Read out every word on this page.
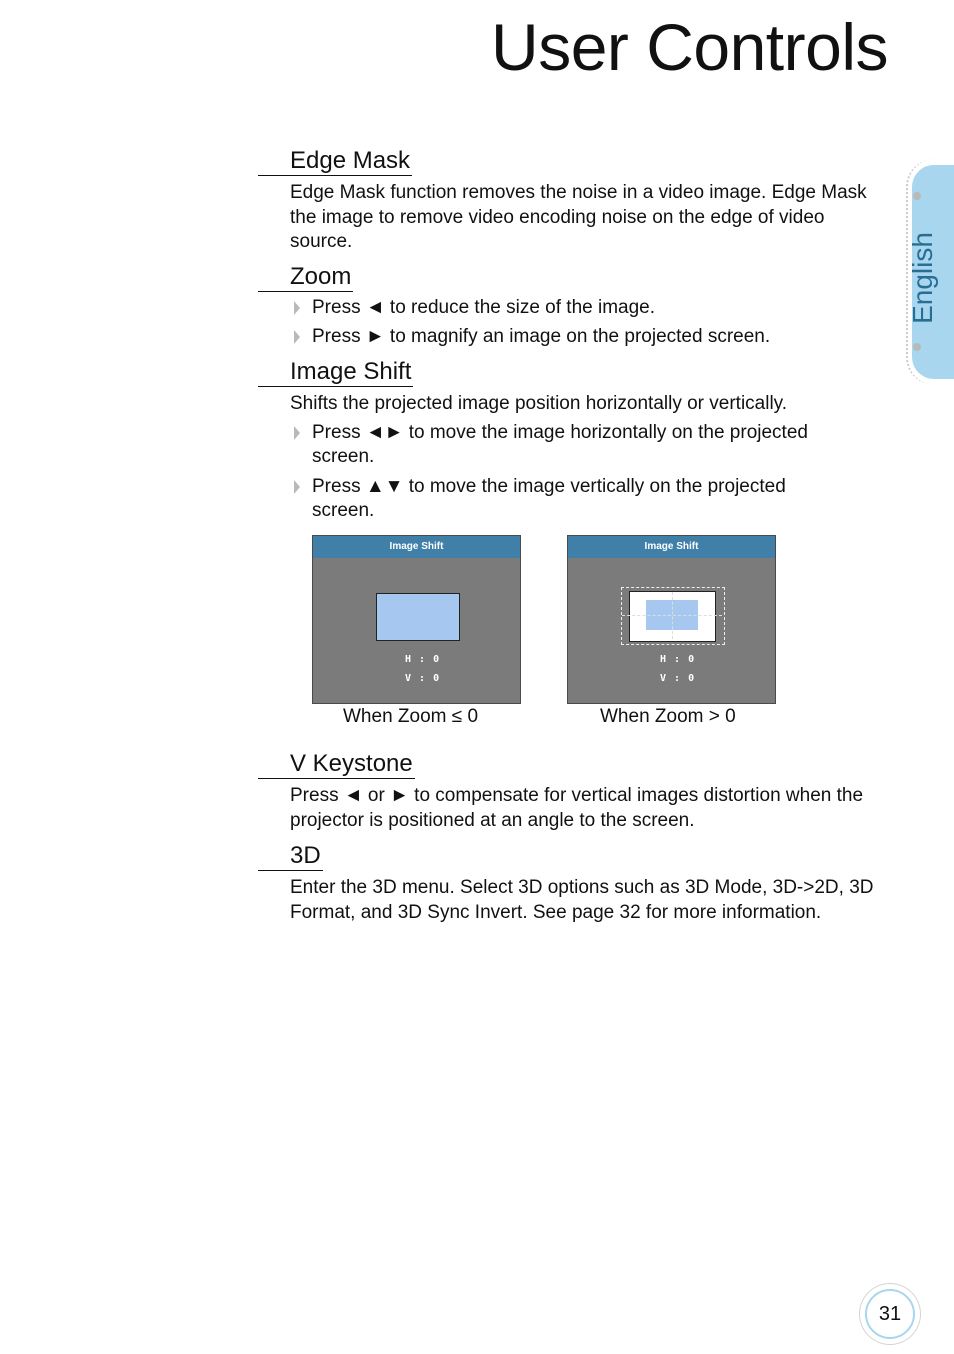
User Controls
English
Edge Mask
Edge Mask function removes the noise in a video image. Edge Mask the image to remove video encoding noise on the edge of video source.
Zoom
Press ◄ to reduce the size of the image.
Press ► to magnify an image on the projected screen.
Image Shift
Shifts the projected image position horizontally or vertically.
Press ◄► to move the image horizontally on the projected screen.
Press ▲▼ to move the image vertically on the projected screen.
Image Shift
H : 0
V : 0
When Zoom ≤ 0
Image Shift
H : 0
V : 0
When Zoom > 0
V Keystone
Press ◄ or ► to compensate for vertical images distortion when the projector is positioned at an angle to the screen.
3D
Enter the 3D menu. Select 3D options such as 3D Mode, 3D->2D, 3D Format, and 3D Sync Invert. See page 32 for more information.
31
